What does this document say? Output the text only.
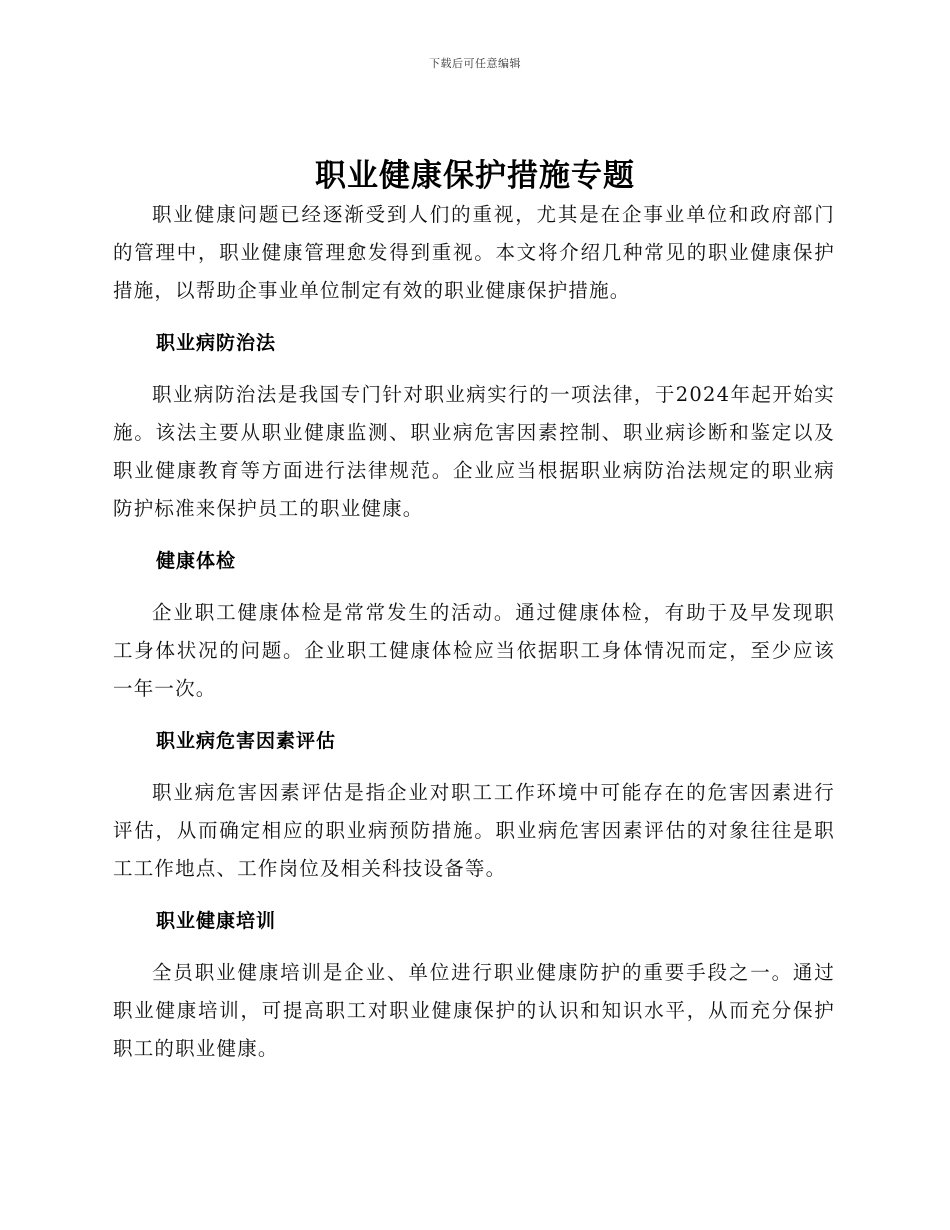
下载后可任意编辑
职业健康保护措施专题

职业健康问题已经逐渐受到人们的重视，尤其是在企事业单位和政府部门的管理中，职业健康管理愈发得到重视。本文将介绍几种常见的职业健康保护措施，以帮助企事业单位制定有效的职业健康保护措施。

职业病防治法

职业病防治法是我国专门针对职业病实行的一项法律，于2024年起开始实施。该法主要从职业健康监测、职业病危害因素控制、职业病诊断和鉴定以及职业健康教育等方面进行法律规范。企业应当根据职业病防治法规定的职业病防护标准来保护员工的职业健康。

健康体检

企业职工健康体检是常常发生的活动。通过健康体检，有助于及早发现职工身体状况的问题。企业职工健康体检应当依据职工身体情况而定，至少应该一年一次。

职业病危害因素评估

职业病危害因素评估是指企业对职工工作环境中可能存在的危害因素进行评估，从而确定相应的职业病预防措施。职业病危害因素评估的对象往往是职工工作地点、工作岗位及相关科技设备等。

职业健康培训

全员职业健康培训是企业、单位进行职业健康防护的重要手段之一。通过职业健康培训，可提高职工对职业健康保护的认识和知识水平，从而充分保护职工的职业健康。
